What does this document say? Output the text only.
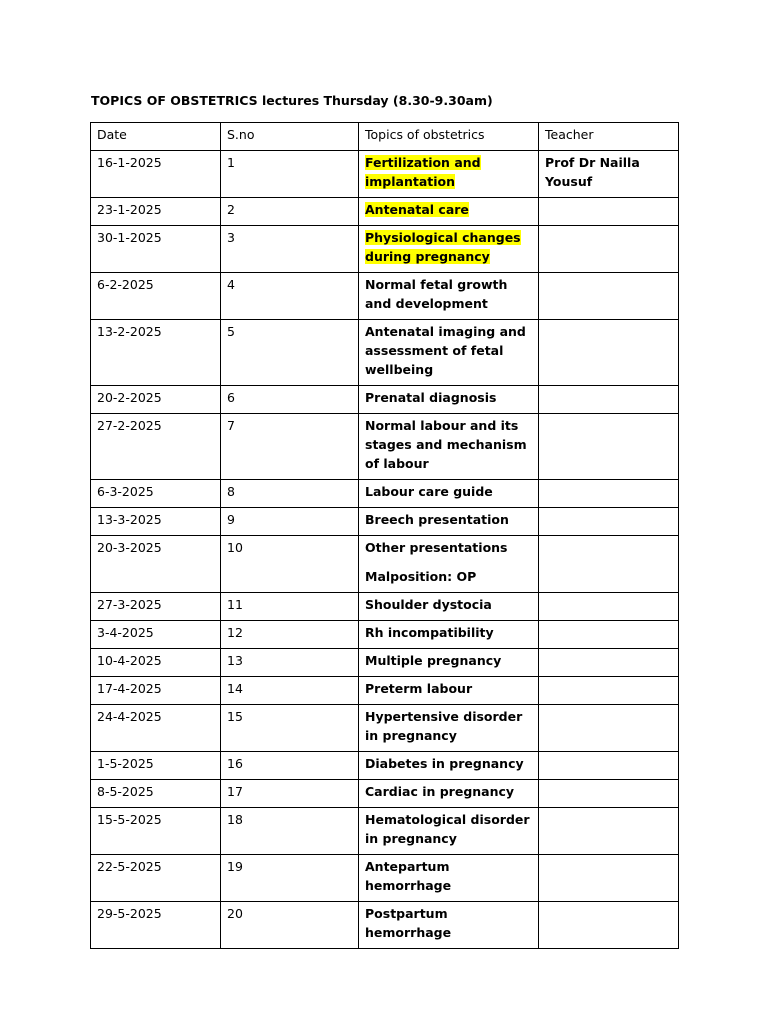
TOPICS OF OBSTETRICS lectures Thursday (8.30-9.30am)
Date	S.no	Topics of obstetrics	Teacher
16-1-2025	1	Fertilization and implantation	Prof Dr Nailla Yousuf
23-1-2025	2	Antenatal care	
30-1-2025	3	Physiological changes during pregnancy	
6-2-2025	4	Normal fetal growth and development	
13-2-2025	5	Antenatal imaging and assessment of fetal wellbeing	
20-2-2025	6	Prenatal diagnosis	
27-2-2025	7	Normal labour and its stages and mechanism of labour	
6-3-2025	8	Labour care guide	
13-3-2025	9	Breech presentation	
20-3-2025	10	Other presentations
Malposition: OP	

27-3-2025	11	Shoulder dystocia	
3-4-2025	12	Rh incompatibility	
10-4-2025	13	Multiple pregnancy	
17-4-2025	14	Preterm labour	
24-4-2025	15	Hypertensive disorder in pregnancy	
1-5-2025	16	Diabetes in pregnancy	
8-5-2025	17	Cardiac in pregnancy	
15-5-2025	18	Hematological disorder in pregnancy	
22-5-2025	19	Antepartum hemorrhage	
29-5-2025	20	Postpartum hemorrhage	
